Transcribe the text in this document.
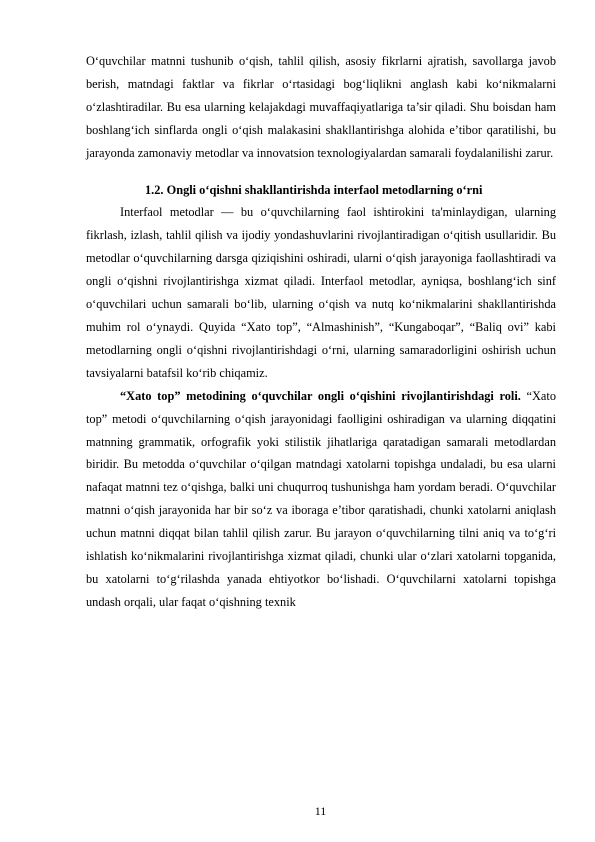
O‘quvchilar matnni tushunib o‘qish, tahlil qilish, asosiy fikrlarni ajratish, savollarga javob berish, matndagi faktlar va fikrlar o‘rtasidagi bog‘liqlikni anglash kabi ko‘nikmalarni o‘zlashtiradilar. Bu esa ularning kelajakdagi muvaffaqiyatlariga ta’sir qiladi. Shu boisdan ham boshlang‘ich sinflarda ongli o‘qish malakasini shakllantirishga alohida e’tibor qaratilishi, bu jarayonda zamonaviy metodlar va innovatsion texnologiyalardan samarali foydalanilishi zarur.

1.2. Ongli o‘qishni shakllantirishda interfaol metodlarning o‘rni

Interfaol metodlar — bu o‘quvchilarning faol ishtirokini ta'minlaydigan, ularning fikrlash, izlash, tahlil qilish va ijodiy yondashuvlarini rivojlantiradigan o‘qitish usullaridir. Bu metodlar o‘quvchilarning darsga qiziqishini oshiradi, ularni o‘qish jarayoniga faollashtiradi va ongli o‘qishni rivojlantirishga xizmat qiladi. Interfaol metodlar, ayniqsa, boshlang‘ich sinf o‘quvchilari uchun samarali bo‘lib, ularning o‘qish va nutq ko‘nikmalarini shakllantirishda muhim rol o‘ynaydi. Quyida “Xato top”, “Almashinish”, “Kungaboqar”, “Baliq ovi” kabi metodlarning ongli o‘qishni rivojlantirishdagi o‘rni, ularning samaradorligini oshirish uchun tavsiyalarni batafsil ko‘rib chiqamiz.

“Xato top” metodining o‘quvchilar ongli o‘qishini rivojlantirishdagi roli. “Xato top” metodi o‘quvchilarning o‘qish jarayonidagi faolligini oshiradigan va ularning diqqatini matnning grammatik, orfografik yoki stilistik jihatlariga qaratadigan samarali metodlardan biridir. Bu metodda o‘quvchilar o‘qilgan matndagi xatolarni topishga undaladi, bu esa ularni nafaqat matnni tez o‘qishga, balki uni chuqurroq tushunishga ham yordam beradi. O‘quvchilar matnni o‘qish jarayonida har bir so‘z va iboraga e’tibor qaratishadi, chunki xatolarni aniqlash uchun matnni diqqat bilan tahlil qilish zarur. Bu jarayon o‘quvchilarning tilni aniq va to‘g‘ri ishlatish ko‘nikmalarini rivojlantirishga xizmat qiladi, chunki ular o‘zlari xatolarni topganida, bu xatolarni to‘g‘rilashda yanada ehtiyotkor bo‘lishadi. O‘quvchilarni xatolarni topishga undash orqali, ular faqat o‘qishning texnik

11
